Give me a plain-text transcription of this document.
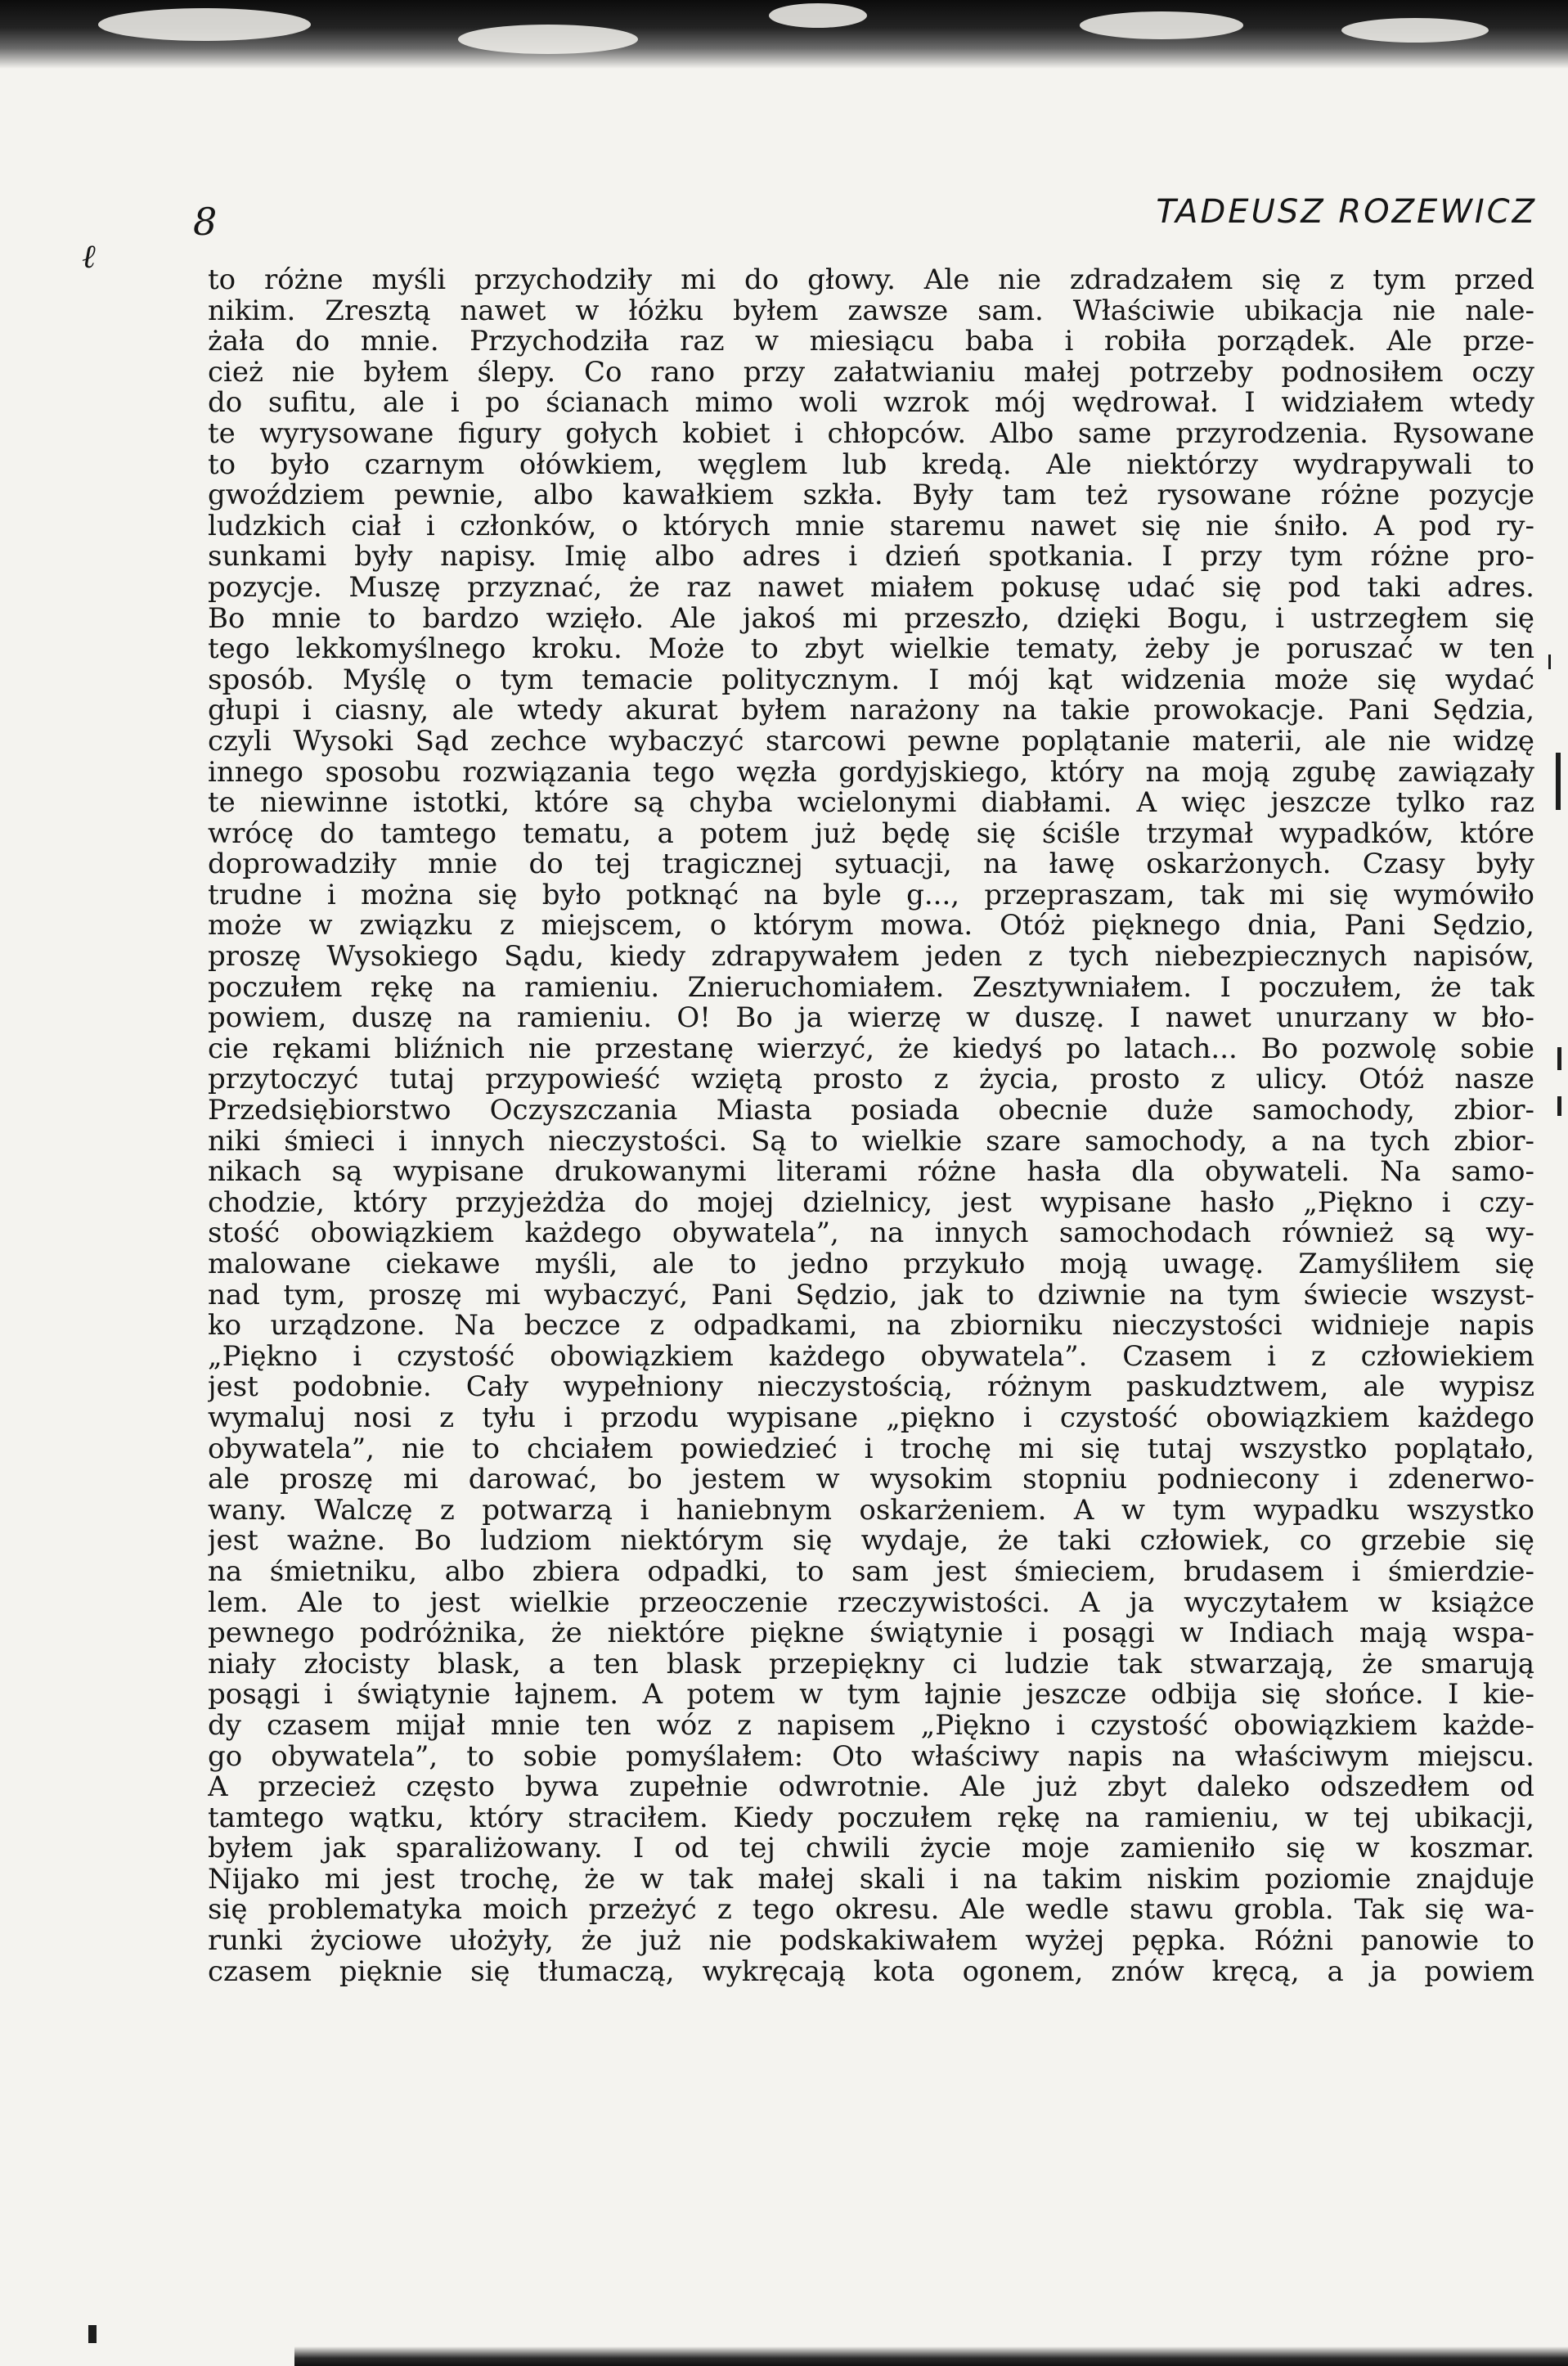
ℓ
8	TADEUSZ ROZEWICZ
to różne myśli przychodziły mi do głowy. Ale nie zdradzałem się z tym przed
nikim. Zresztą nawet w łóżku byłem zawsze sam. Właściwie ubikacja nie nale-
żała do mnie. Przychodziła raz w miesiącu baba i robiła porządek. Ale prze-
cież nie byłem ślepy. Co rano przy załatwianiu małej potrzeby podnosiłem oczy
do sufitu, ale i po ścianach mimo woli wzrok mój wędrował. I widziałem wtedy
te wyrysowane figury gołych kobiet i chłopców. Albo same przyrodzenia. Rysowane
to było czarnym ołówkiem, węglem lub kredą. Ale niektórzy wydrapywali to
gwoździem pewnie, albo kawałkiem szkła. Były tam też rysowane różne pozycje
ludzkich ciał i członków, o których mnie staremu nawet się nie śniło. A pod ry-
sunkami były napisy. Imię albo adres i dzień spotkania. I przy tym różne pro-
pozycje. Muszę przyznać, że raz nawet miałem pokusę udać się pod taki adres.
Bo mnie to bardzo wzięło. Ale jakoś mi przeszło, dzięki Bogu, i ustrzegłem się
tego lekkomyślnego kroku. Może to zbyt wielkie tematy, żeby je poruszać w ten
sposób. Myślę o tym temacie politycznym. I mój kąt widzenia może się wydać
głupi i ciasny, ale wtedy akurat byłem narażony na takie prowokacje. Pani Sędzia,
czyli Wysoki Sąd zechce wybaczyć starcowi pewne poplątanie materii, ale nie widzę
innego sposobu rozwiązania tego węzła gordyjskiego, który na moją zgubę zawiązały
te niewinne istotki, które są chyba wcielonymi diabłami. A więc jeszcze tylko raz
wrócę do tamtego tematu, a potem już będę się ściśle trzymał wypadków, które
doprowadziły mnie do tej tragicznej sytuacji, na ławę oskarżonych. Czasy były
trudne i można się było potknąć na byle g..., przepraszam, tak mi się wymówiło
może w związku z miejscem, o którym mowa. Otóż pięknego dnia, Pani Sędzio,
proszę Wysokiego Sądu, kiedy zdrapywałem jeden z tych niebezpiecznych napisów,
poczułem rękę na ramieniu. Znieruchomiałem. Zesztywniałem. I poczułem, że tak
powiem, duszę na ramieniu. O! Bo ja wierzę w duszę. I nawet unurzany w bło-
cie rękami bliźnich nie przestanę wierzyć, że kiedyś po latach... Bo pozwolę sobie
przytoczyć tutaj przypowieść wziętą prosto z życia, prosto z ulicy. Otóż nasze
Przedsiębiorstwo Oczyszczania Miasta posiada obecnie duże samochody, zbior-
niki śmieci i innych nieczystości. Są to wielkie szare samochody, a na tych zbior-
nikach są wypisane drukowanymi literami różne hasła dla obywateli. Na samo-
chodzie, który przyjeżdża do mojej dzielnicy, jest wypisane hasło „Piękno i czy-
stość obowiązkiem każdego obywatela”, na innych samochodach również są wy-
malowane ciekawe myśli, ale to jedno przykuło moją uwagę. Zamyśliłem się
nad tym, proszę mi wybaczyć, Pani Sędzio, jak to dziwnie na tym świecie wszyst-
ko urządzone. Na beczce z odpadkami, na zbiorniku nieczystości widnieje napis
„Piękno i czystość obowiązkiem każdego obywatela”. Czasem i z człowiekiem
jest podobnie. Cały wypełniony nieczystością, różnym paskudztwem, ale wypisz
wymaluj nosi z tyłu i przodu wypisane „piękno i czystość obowiązkiem każdego
obywatela”, nie to chciałem powiedzieć i trochę mi się tutaj wszystko poplątało,
ale proszę mi darować, bo jestem w wysokim stopniu podniecony i zdenerwo-
wany. Walczę z potwarzą i haniebnym oskarżeniem. A w tym wypadku wszystko
jest ważne. Bo ludziom niektórym się wydaje, że taki człowiek, co grzebie się
na śmietniku, albo zbiera odpadki, to sam jest śmieciem, brudasem i śmierdzie-
lem. Ale to jest wielkie przeoczenie rzeczywistości. A ja wyczytałem w książce
pewnego podróżnika, że niektóre piękne świątynie i posągi w Indiach mają wspa-
niały złocisty blask, a ten blask przepiękny ci ludzie tak stwarzają, że smarują
posągi i świątynie łajnem. A potem w tym łajnie jeszcze odbija się słońce. I kie-
dy czasem mijał mnie ten wóz z napisem „Piękno i czystość obowiązkiem każde-
go obywatela”, to sobie pomyślałem: Oto właściwy napis na właściwym miejscu.
A przecież często bywa zupełnie odwrotnie. Ale już zbyt daleko odszedłem od
tamtego wątku, który straciłem. Kiedy poczułem rękę na ramieniu, w tej ubikacji,
byłem jak sparaliżowany. I od tej chwili życie moje zamieniło się w koszmar.
Nijako mi jest trochę, że w tak małej skali i na takim niskim poziomie znajduje
się problematyka moich przeżyć z tego okresu. Ale wedle stawu grobla. Tak się wa-
runki życiowe ułożyły, że już nie podskakiwałem wyżej pępka. Różni panowie to
czasem pięknie się tłumaczą, wykręcają kota ogonem, znów kręcą, a ja powiem
